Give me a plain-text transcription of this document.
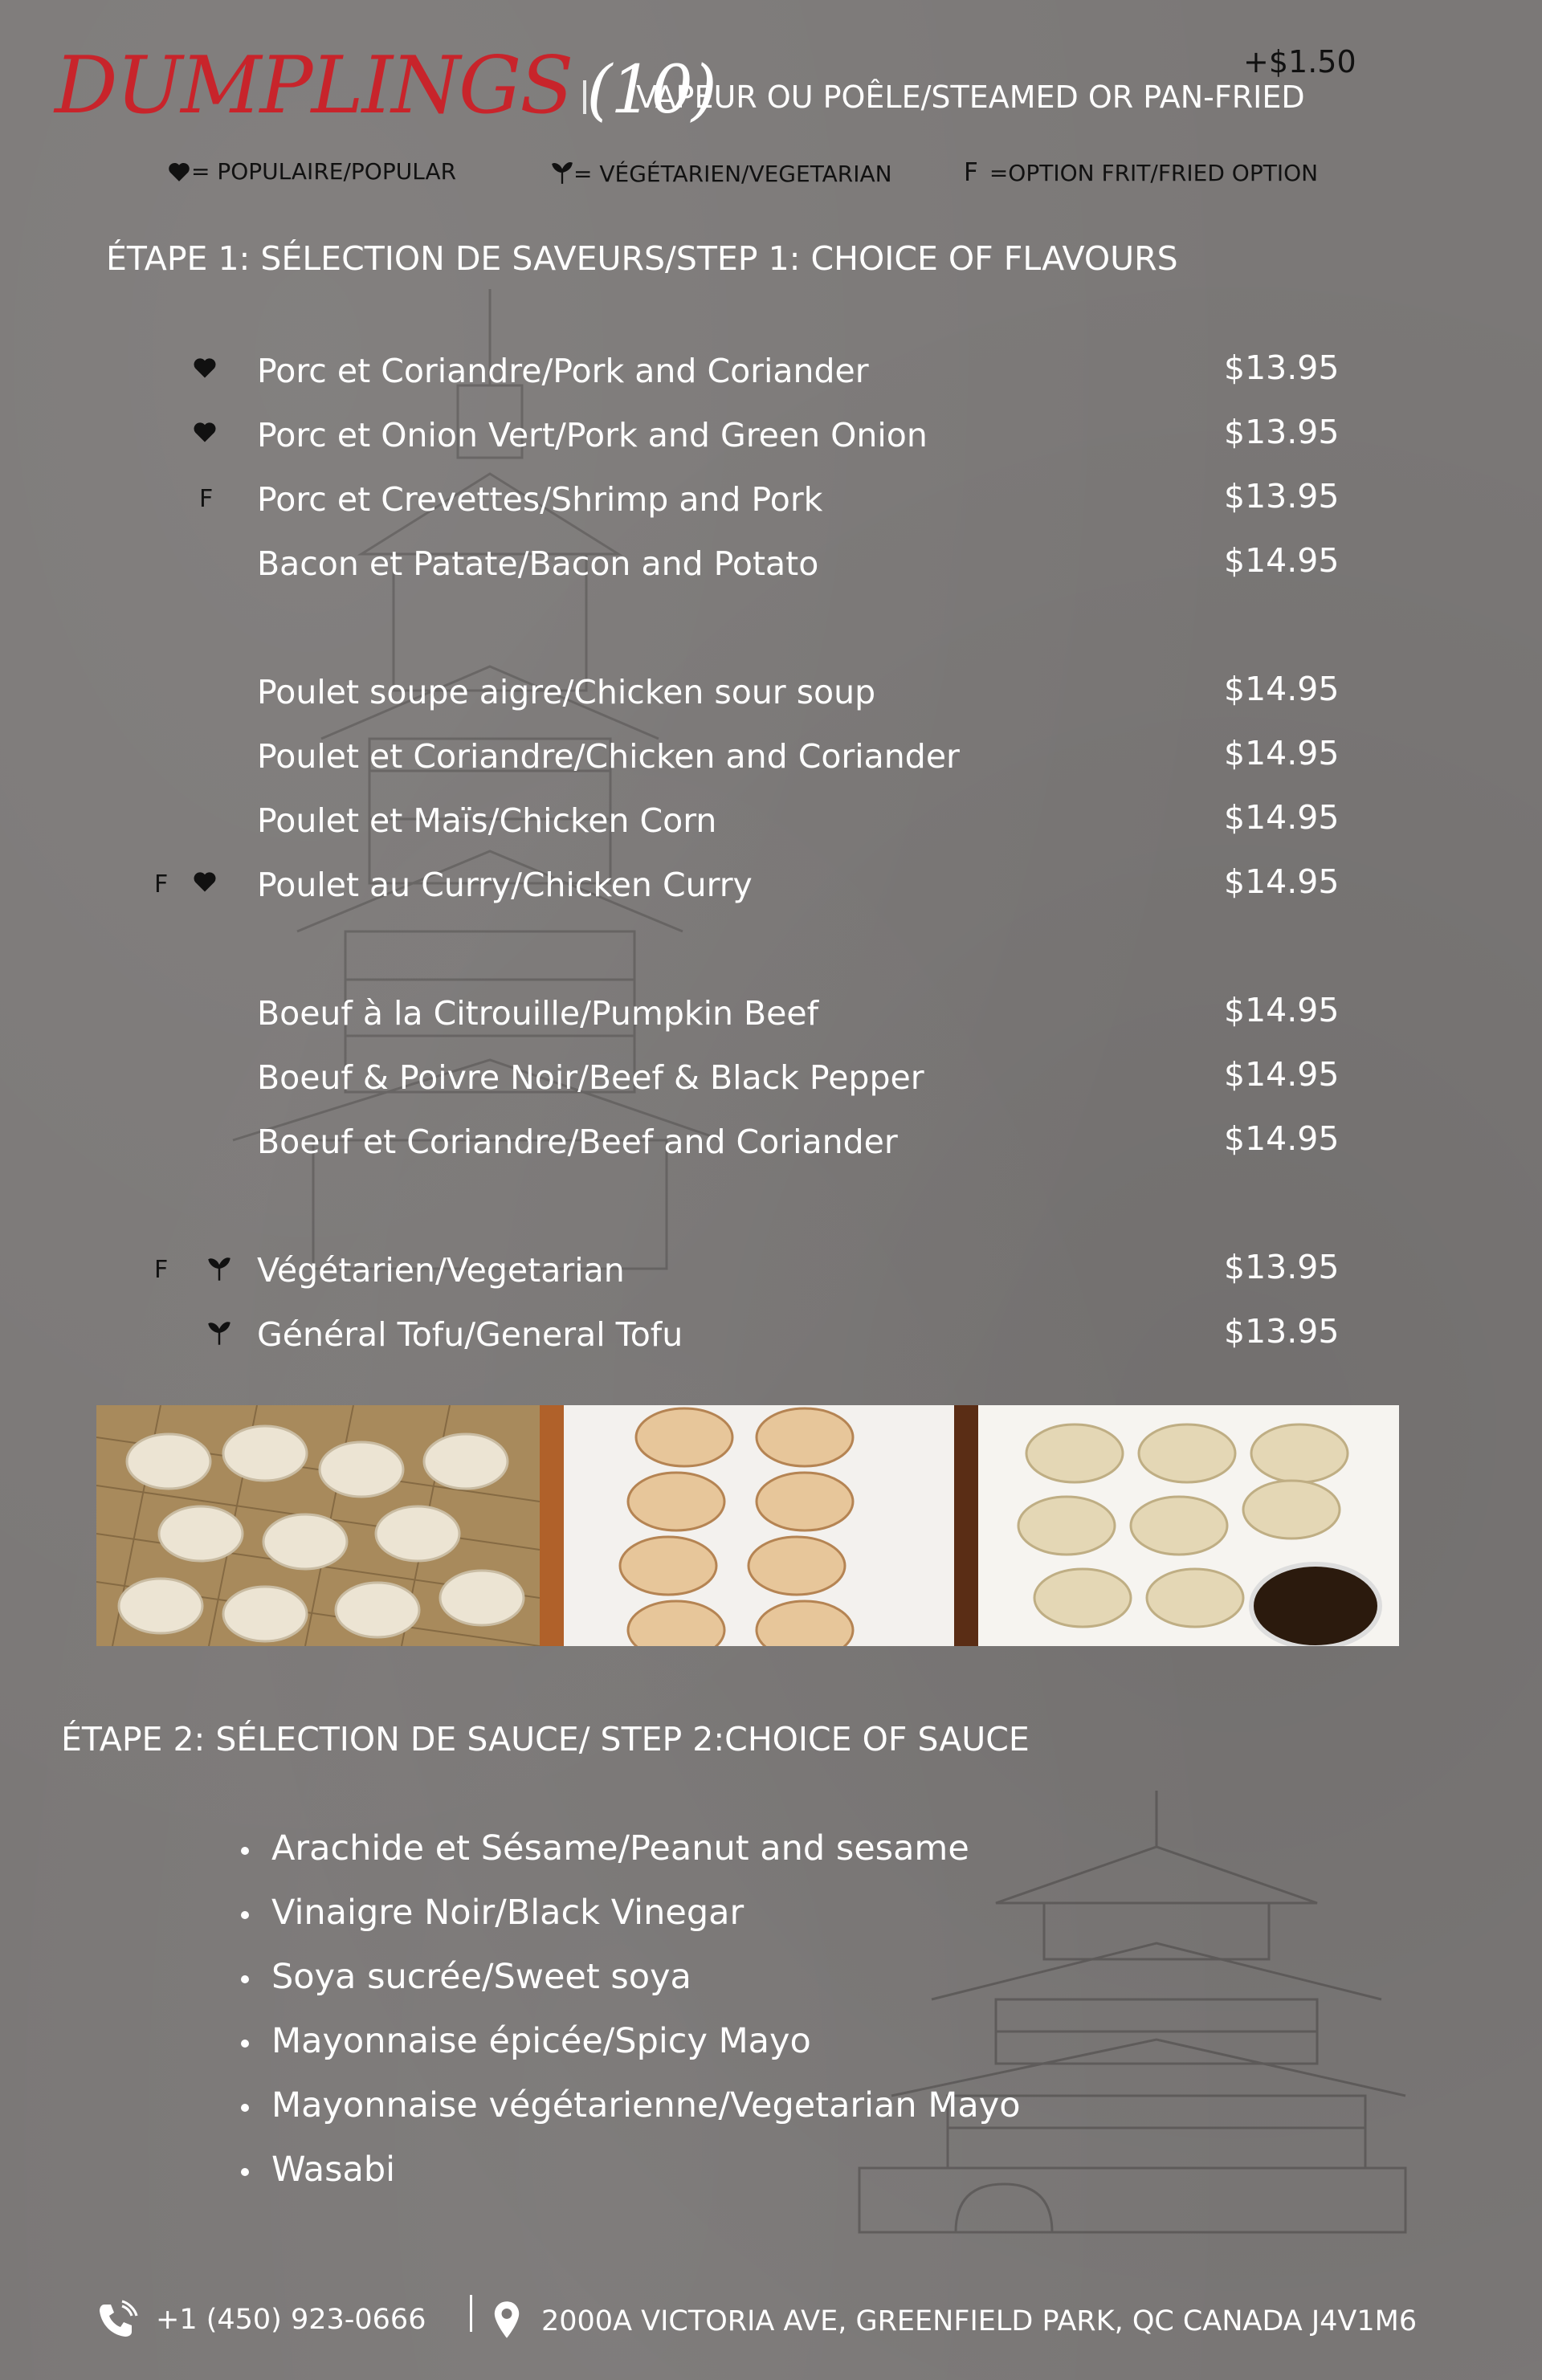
DUMPLINGS (10)	+$1.50
VAPEUR OU POÊLE/STEAMED OR PAN-FRIED
= POPULAIRE/POPULAR	= VÉGÉTARIEN/VEGETARIAN	F =OPTION FRIT/FRIED OPTION
ÉTAPE 1: SÉLECTION DE SAVEURS/STEP 1: CHOICE OF FLAVOURS
Porc et Coriandre/Pork and Coriander	$13.95
Porc et Onion Vert/Pork and Green Onion	$13.95
F Porc et Crevettes/Shrimp and Pork	$13.95
Bacon et Patate/Bacon and Potato	$14.95
Poulet soupe aigre/Chicken sour soup	$14.95
Poulet et Coriandre/Chicken and Coriander	$14.95
Poulet et Maïs/Chicken Corn	$14.95
F	Poulet au Curry/Chicken Curry	$14.95
Boeuf à la Citrouille/Pumpkin Beef	$14.95
Boeuf & Poivre Noir/Beef & Black Pepper	$14.95
Boeuf et Coriandre/Beef and Coriander	$14.95
F	Végétarien/Vegetarian	$13.95
Général Tofu/General Tofu	$13.95
ÉTAPE 2: SÉLECTION DE SAUCE/ STEP 2:CHOICE OF SAUCE
Arachide et Sésame/Peanut and sesame
Vinaigre Noir/Black Vinegar
Soya sucrée/Sweet soya
Mayonnaise épicée/Spicy Mayo
Mayonnaise végétarienne/Vegetarian Mayo
Wasabi
+1 (450) 923-0666	2000A VICTORIA AVE, GREENFIELD PARK, QC CANADA J4V1M6
